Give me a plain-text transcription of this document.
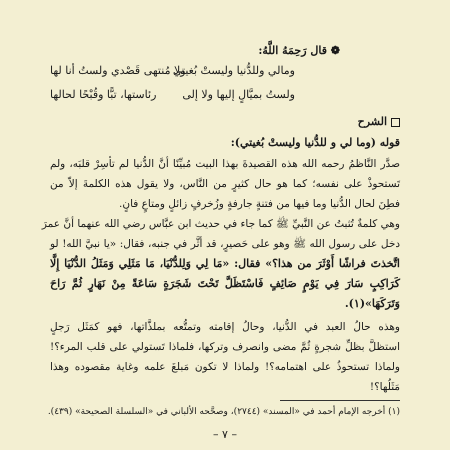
❁ قال رَحِمَهُ اللَّهُ:
ومالي وللدُّنيا وليستْ بُغيتي
ولا مُنتهى قَصْدي ولستُ أنا لها
ولستُ بميَّالٍ إليها ولا إلى
رئاستها، تبًّا وقُبْحًا لحالها
الشرح
قوله (وما لي و للدُّنيا وليستْ بُغيتي):
صدَّر النَّاظمُ رحمه الله هذه القصيدةَ بهذا البيت مُبيِّنًا أنَّ الدُّنيا لم تأسِرْ قلبَه، ولم
تَستحوذْ على نفسه؛ كما هو حال كثيرٍ من النَّاس، ولا يقول هذه الكلمةَ إلاّ من
فطِنَ لحال الدُّنيا وما فيها من فتنةٍ جارفةٍ وزُخرفٍ زائلٍ ومتاعٍ فانٍ.
وهي كلمةٌ تُثبتُ عن النَّبيِّ ﷺ كما جاء في حديث ابن عبَّاس رضي الله عنهما أنَّ عمرَ
دخل على رسول الله ﷺ وهو على حَصيرٍ، قد أثَّر في جنبه، فقال: «يا نبيَّ الله! لو
اتَّخذتَ فراشًا أَوْثَرَ من هذا؟» فقال: «مَا لِي وَلِلدُّنْيَا، مَا مَثَلِي وَمَثَلُ الدُّنْيَا إِلَّا
كَرَاكِبٍ سَارَ فِي يَوْمٍ صَائِفٍ فَاسْتَظَلَّ تَحْتَ شَجَرَةٍ سَاعَةً مِنْ نَهَارٍ ثُمَّ رَاحَ
وَتَرَكَهَا»(١).
وهذه حالُ العبد في الدُّنيا، وحالُ إقامته وتمتُّعه بملذَّاتها، فهو كمَثَل رَجلٍ
استظلَّ بظلِّ شجرةٍ ثُمَّ مضى وانصرف وتركها، فلماذا تَستولي على قلب المرء؟!
ولماذا تستحوذُ على اهتمامه؟! ولماذا لا تكون مَبلغَ علمه وغاية مقصوده وهذا
مَثَلُها؟!
(١) أخرجه الإمام أحمد في «المسند» (٢٧٤٤)، وصحَّحه الألباني في «السلسلة الصحيحة» (٤٣٩).
– ٧ –
